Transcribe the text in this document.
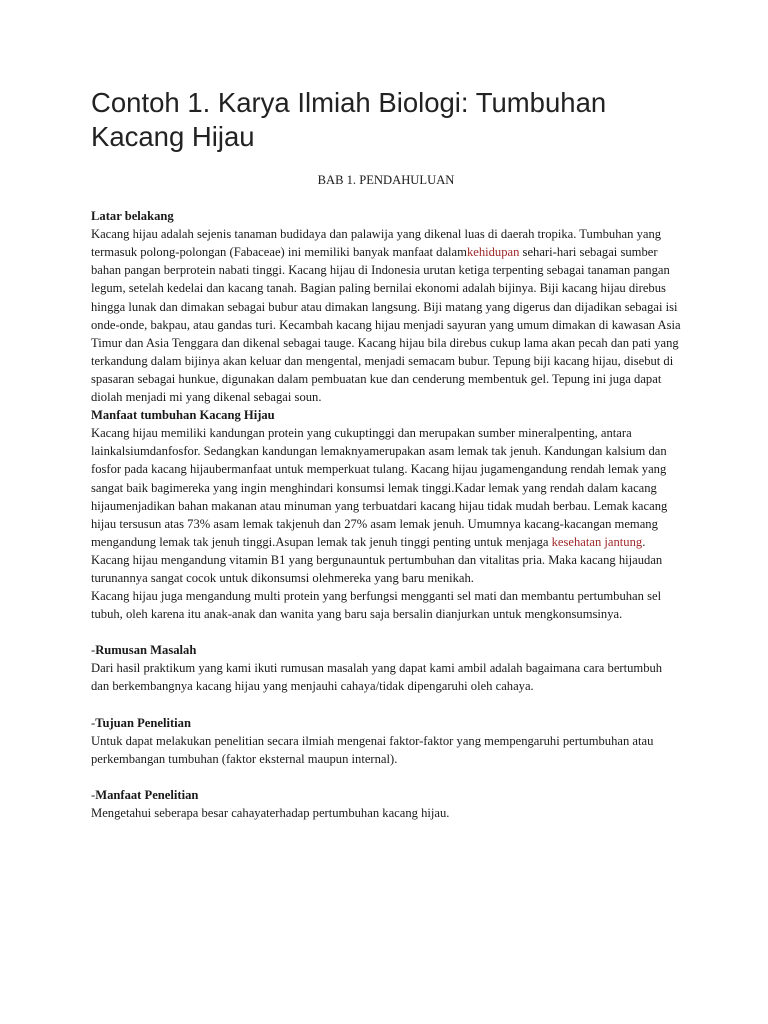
Contoh 1. Karya Ilmiah Biologi: Tumbuhan Kacang Hijau

BAB 1. PENDAHULUAN

Latar belakang

Kacang hijau adalah sejenis tanaman budidaya dan palawija yang dikenal luas di daerah tropika. Tumbuhan yang termasuk polong-polongan (Fabaceae) ini memiliki banyak manfaat dalamkehidupan sehari-hari sebagai sumber bahan pangan berprotein nabati tinggi. Kacang hijau di Indonesia urutan ketiga terpenting sebagai tanaman pangan legum, setelah kedelai dan kacang tanah. Bagian paling bernilai ekonomi adalah bijinya. Biji kacang hijau direbus hingga lunak dan dimakan sebagai bubur atau dimakan langsung. Biji matang yang digerus dan dijadikan sebagai isi onde-onde, bakpau, atau gandas turi. Kecambah kacang hijau menjadi sayuran yang umum dimakan di kawasan Asia Timur dan Asia Tenggara dan dikenal sebagai tauge. Kacang hijau bila direbus cukup lama akan pecah dan pati yang terkandung dalam bijinya akan keluar dan mengental, menjadi semacam bubur. Tepung biji kacang hijau, disebut di spasaran sebagai hunkue, digunakan dalam pembuatan kue dan cenderung membentuk gel. Tepung ini juga dapat diolah menjadi mi yang dikenal sebagai soun.

Manfaat tumbuhan Kacang Hijau

Kacang hijau memiliki kandungan protein yang cukuptinggi dan merupakan sumber mineralpenting, antara lainkalsiumdanfosfor. Sedangkan kandungan lemaknyamerupakan asam lemak tak jenuh. Kandungan kalsium dan fosfor pada kacang hijaubermanfaat untuk memperkuat tulang. Kacang hijau jugamengandung rendah lemak yang sangat baik bagimereka yang ingin menghindari konsumsi lemak tinggi.Kadar lemak yang rendah dalam kacang hijaumenjadikan bahan makanan atau minuman yang terbuatdari kacang hijau tidak mudah berbau. Lemak kacang hijau tersusun atas 73% asam lemak takjenuh dan 27% asam lemak jenuh. Umumnya kacang-kacangan memang mengandung lemak tak jenuh tinggi.Asupan lemak tak jenuh tinggi penting untuk menjaga kesehatan jantung. Kacang hijau mengandung vitamin B1 yang bergunauntuk pertumbuhan dan vitalitas pria. Maka kacang hijaudan turunannya sangat cocok untuk dikonsumsi olehmereka yang baru menikah.

Kacang hijau juga mengandung multi protein yang berfungsi mengganti sel mati dan membantu pertumbuhan sel tubuh, oleh karena itu anak-anak dan wanita yang baru saja bersalin dianjurkan untuk mengkonsumsinya.

-Rumusan Masalah

Dari hasil praktikum yang kami ikuti rumusan masalah yang dapat kami ambil adalah bagaimana cara bertumbuh dan berkembangnya kacang hijau yang menjauhi cahaya/tidak dipengaruhi oleh cahaya.

-Tujuan Penelitian

Untuk dapat melakukan penelitian secara ilmiah mengenai faktor-faktor yang mempengaruhi pertumbuhan atau perkembangan tumbuhan (faktor eksternal maupun internal).

-Manfaat Penelitian

Mengetahui seberapa besar cahayaterhadap pertumbuhan kacang hijau.
